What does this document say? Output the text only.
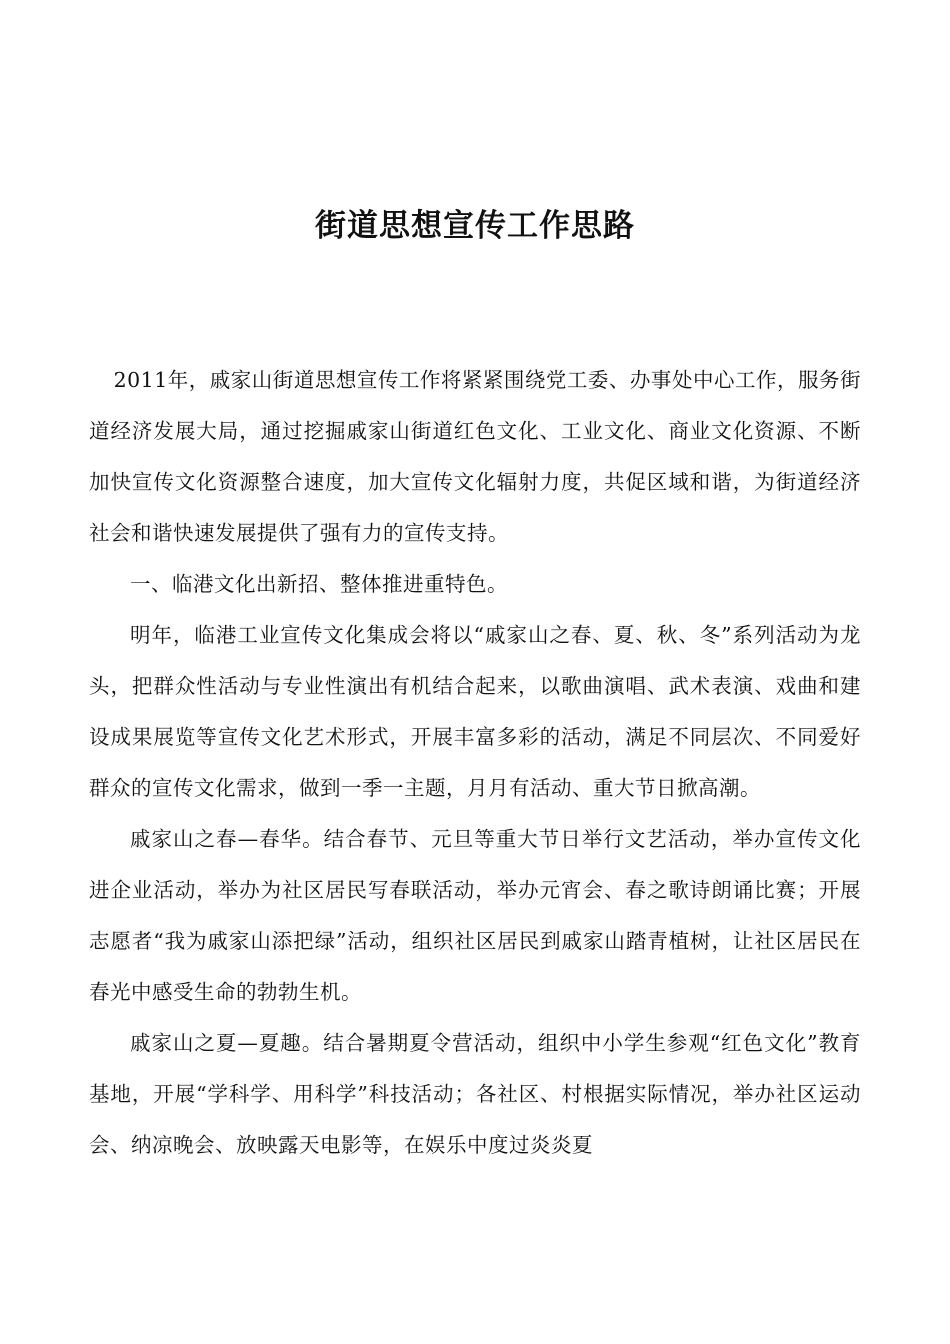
街道思想宣传工作思路

2011年，戚家山街道思想宣传工作将紧紧围绕党工委、办事处中心工作，服务街道经济发展大局，通过挖掘戚家山街道红色文化、工业文化、商业文化资源、不断加快宣传文化资源整合速度，加大宣传文化辐射力度，共促区域和谐，为街道经济社会和谐快速发展提供了强有力的宣传支持。

一、临港文化出新招、整体推进重特色。

明年，临港工业宣传文化集成会将以“戚家山之春、夏、秋、冬”系列活动为龙头，把群众性活动与专业性演出有机结合起来，以歌曲演唱、武术表演、戏曲和建设成果展览等宣传文化艺术形式，开展丰富多彩的活动，满足不同层次、不同爱好群众的宣传文化需求，做到一季一主题，月月有活动、重大节日掀高潮。

戚家山之春—春华。结合春节、元旦等重大节日举行文艺活动，举办宣传文化进企业活动，举办为社区居民写春联活动，举办元宵会、春之歌诗朗诵比赛；开展志愿者“我为戚家山添把绿”活动，组织社区居民到戚家山踏青植树，让社区居民在春光中感受生命的勃勃生机。

戚家山之夏—夏趣。结合暑期夏令营活动，组织中小学生参观“红色文化”教育基地，开展“学科学、用科学”科技活动；各社区、村根据实际情况，举办社区运动会、纳凉晚会、放映露天电影等，在娱乐中度过炎炎夏
